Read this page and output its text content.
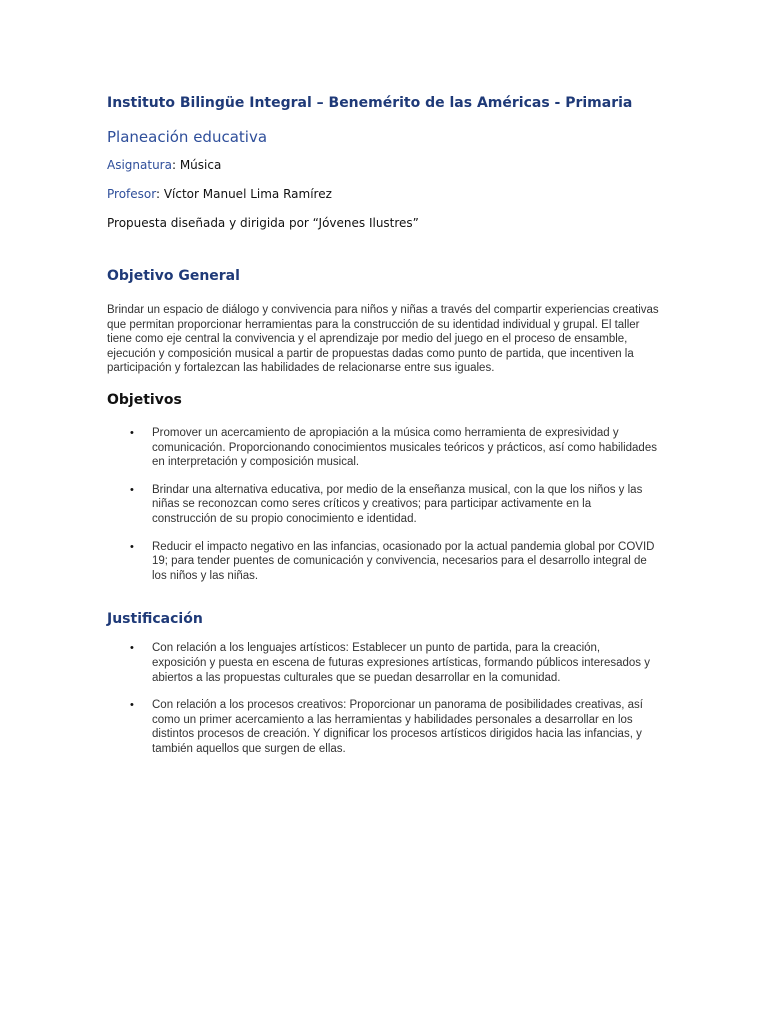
Instituto Bilingüe Integral – Benemérito de las Américas - Primaria

Planeación educativa

Asignatura: Música

Profesor: Víctor Manuel Lima Ramírez

Propuesta diseñada y dirigida por “Jóvenes Ilustres”

Objetivo General

Brindar un espacio de diálogo y convivencia para niños y niñas a través del compartir experiencias creativas que permitan proporcionar herramientas para la construcción de su identidad individual y grupal. El taller tiene como eje central la convivencia y el aprendizaje por medio del juego en el proceso de ensamble, ejecución y composición musical a partir de propuestas dadas como punto de partida, que incentiven la participación y fortalezcan las habilidades de relacionarse entre sus iguales.

Objetivos
• Promover un acercamiento de apropiación a la música como herramienta de expresividad y comunicación. Proporcionando conocimientos musicales teóricos y prácticos, así como habilidades en interpretación y composición musical.
• Brindar una alternativa educativa, por medio de la enseñanza musical, con la que los niños y las niñas se reconozcan como seres críticos y creativos; para participar activamente en la construcción de su propio conocimiento e identidad.
• Reducir el impacto negativo en las infancias, ocasionado por la actual pandemia global por COVID 19; para tender puentes de comunicación y convivencia, necesarios para el desarrollo integral de los niños y las niñas.
Justificación
• Con relación a los lenguajes artísticos: Establecer un punto de partida, para la creación, exposición y puesta en escena de futuras expresiones artísticas, formando públicos interesados y abiertos a las propuestas culturales que se puedan desarrollar en la comunidad.
• Con relación a los procesos creativos: Proporcionar un panorama de posibilidades creativas, así como un primer acercamiento a las herramientas y habilidades personales a desarrollar en los distintos procesos de creación. Y dignificar los procesos artísticos dirigidos hacia las infancias, y también aquellos que surgen de ellas.
